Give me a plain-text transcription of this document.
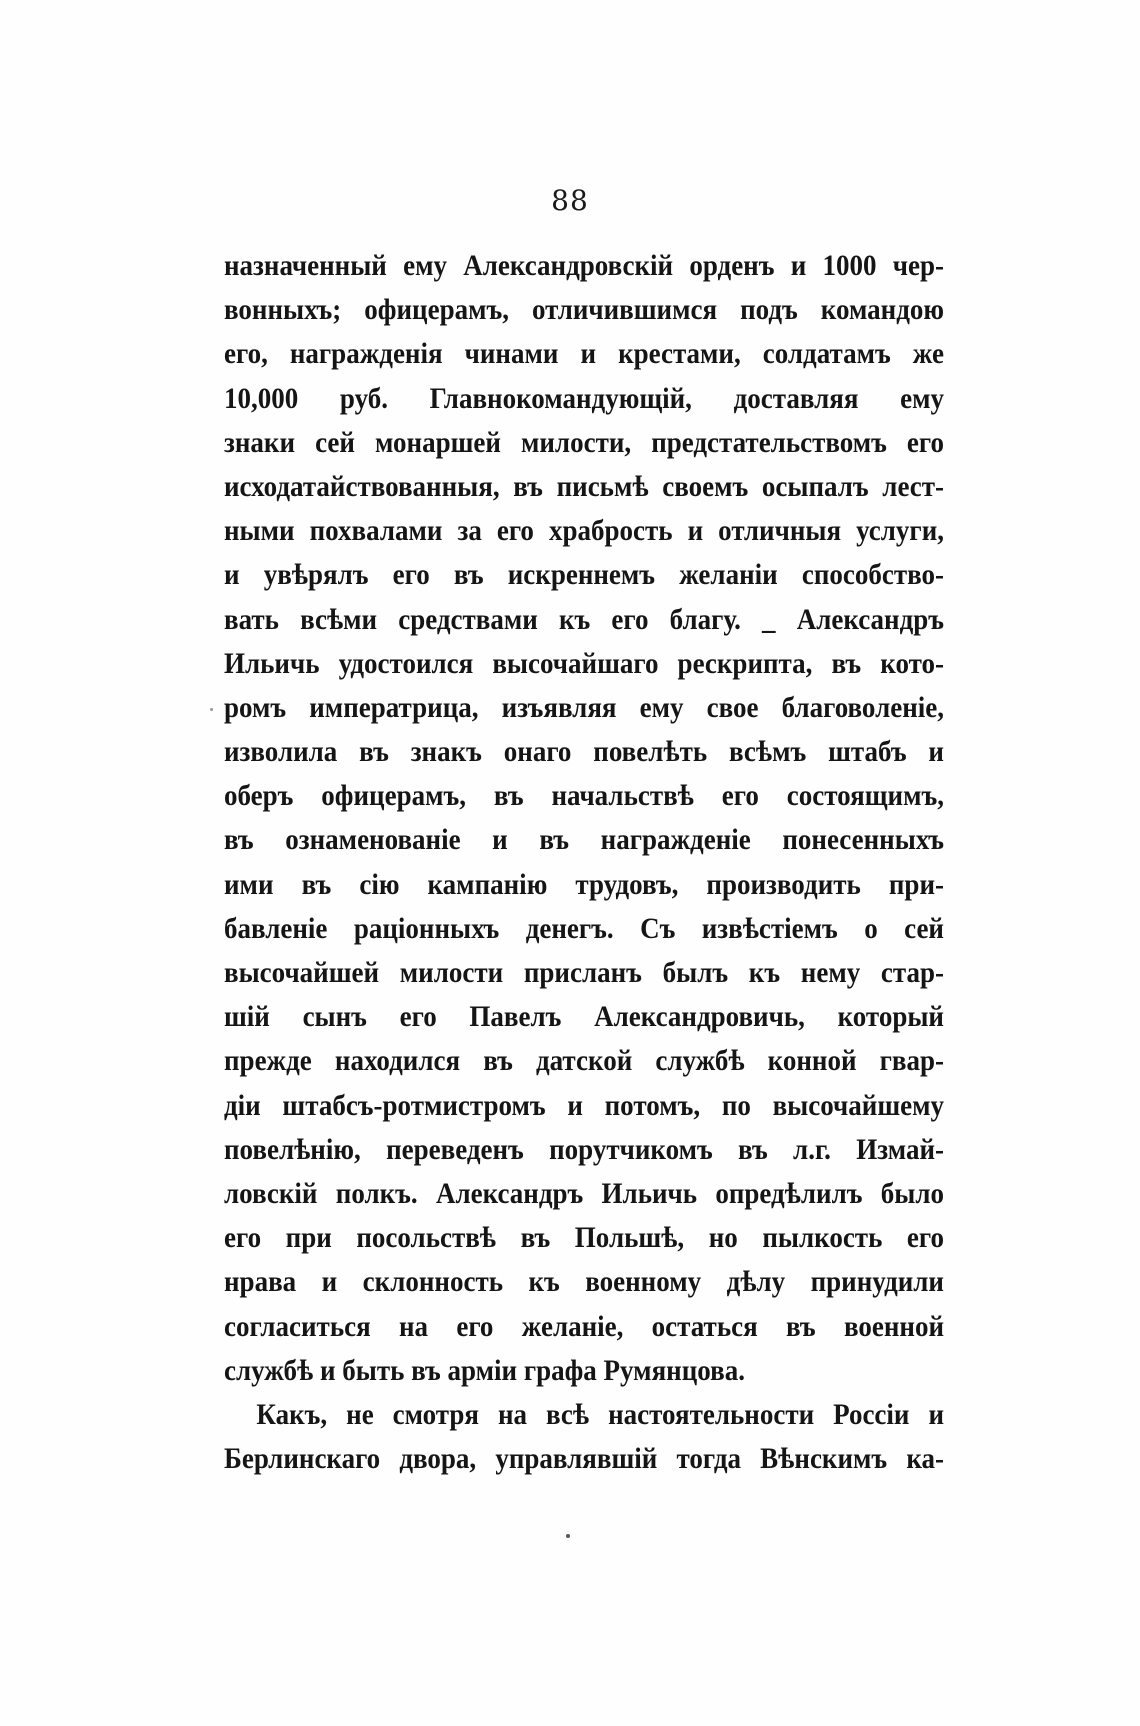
88
назначенный ему Александровскій орденъ и 1000 чер-
вонныхъ; офицерамъ, отличившимся подъ командою
его, награжденія чинами и крестами, солдатамъ же
10,000 руб. Главнокомандующій, доставляя ему
знаки сей монаршей милости, предстательствомъ его
исходатайствованныя, въ письмѣ своемъ осыпалъ лест-
ными похвалами за его храбрость и отличныя услуги,
и увѣрялъ его въ искреннемъ желаніи способство-
вать всѣми средствами къ его благу. _ Александръ
Ильичь удостоился высочайшаго рескрипта, въ кото-
ромъ императрица, изъявляя ему свое благоволеніе,
изволила въ знакъ онаго повелѣть всѣмъ штабъ и
оберъ офицерамъ, въ начальствѣ его состоящимъ,
въ ознаменованіе и въ награжденіе понесенныхъ
ими въ сію кампанію трудовъ, производить при-
бавленіе раціонныхъ денегъ. Съ извѣстіемъ о сей
высочайшей милости присланъ былъ къ нему стар-
шій сынъ его Павелъ Александровичь, который
прежде находился въ датской службѣ конной гвар-
діи штабсъ-ротмистромъ и потомъ, по высочайшему
повелѣнію, переведенъ порутчикомъ въ л.г. Измай-
ловскій полкъ. Александръ Ильичь опредѣлилъ было
его при посольствѣ въ Польшѣ, но пылкость его
нрава и склонность къ военному дѣлу принудили
согласиться на его желаніе, остаться въ военной
службѣ и быть въ арміи графа Румянцова.
Какъ, не смотря на всѣ настоятельности Россіи и
Берлинскаго двора, управлявшій тогда Вѣнскимъ ка-
